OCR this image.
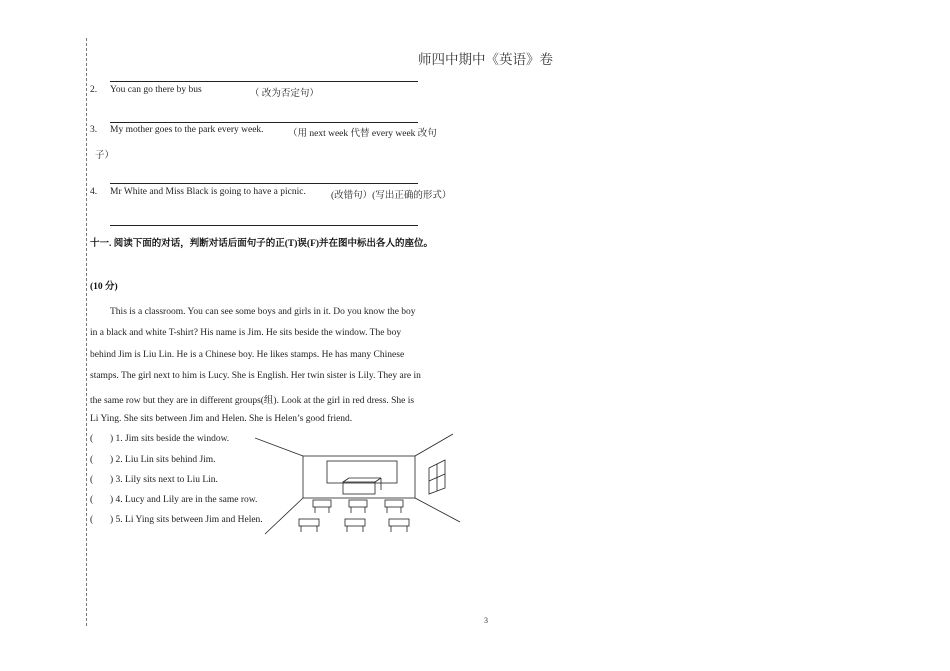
师四中期中《英语》卷
2. You can go there by bus	（ 改为否定句）
3. My mother goes to the park every week.	（用 next week 代替 every week 改句
子）
4. Mr White and Miss Black is going to have a picnic.	(改错句）(写出正确的形式）
十一. 阅读下面的对话，判断对话后面句子的正(T)误(F)并在图中标出各人的座位。
(10 分)
This is a classroom. You can see some boys and girls in it. Do you know the boy
in a black and white T-shirt? His name is Jim. He sits beside the window. The boy
behind Jim is Liu Lin. He is a Chinese boy. He likes stamps. He has many Chinese
stamps. The girl next to him is Lucy. She is English. Her twin sister is Lily. They are in
the same row but they are in different groups(组). Look at the girl in red dress. She is
Li Ying. She sits between Jim and Helen. She is Helen’s good friend.
( ) 1. Jim sits beside the window.
( ) 2. Liu Lin sits behind Jim.
( ) 3. Lily sits next to Liu Lin.
( ) 4. Lucy and Lily are in the same row.
( ) 5. Li Ying sits between Jim and Helen.
3
